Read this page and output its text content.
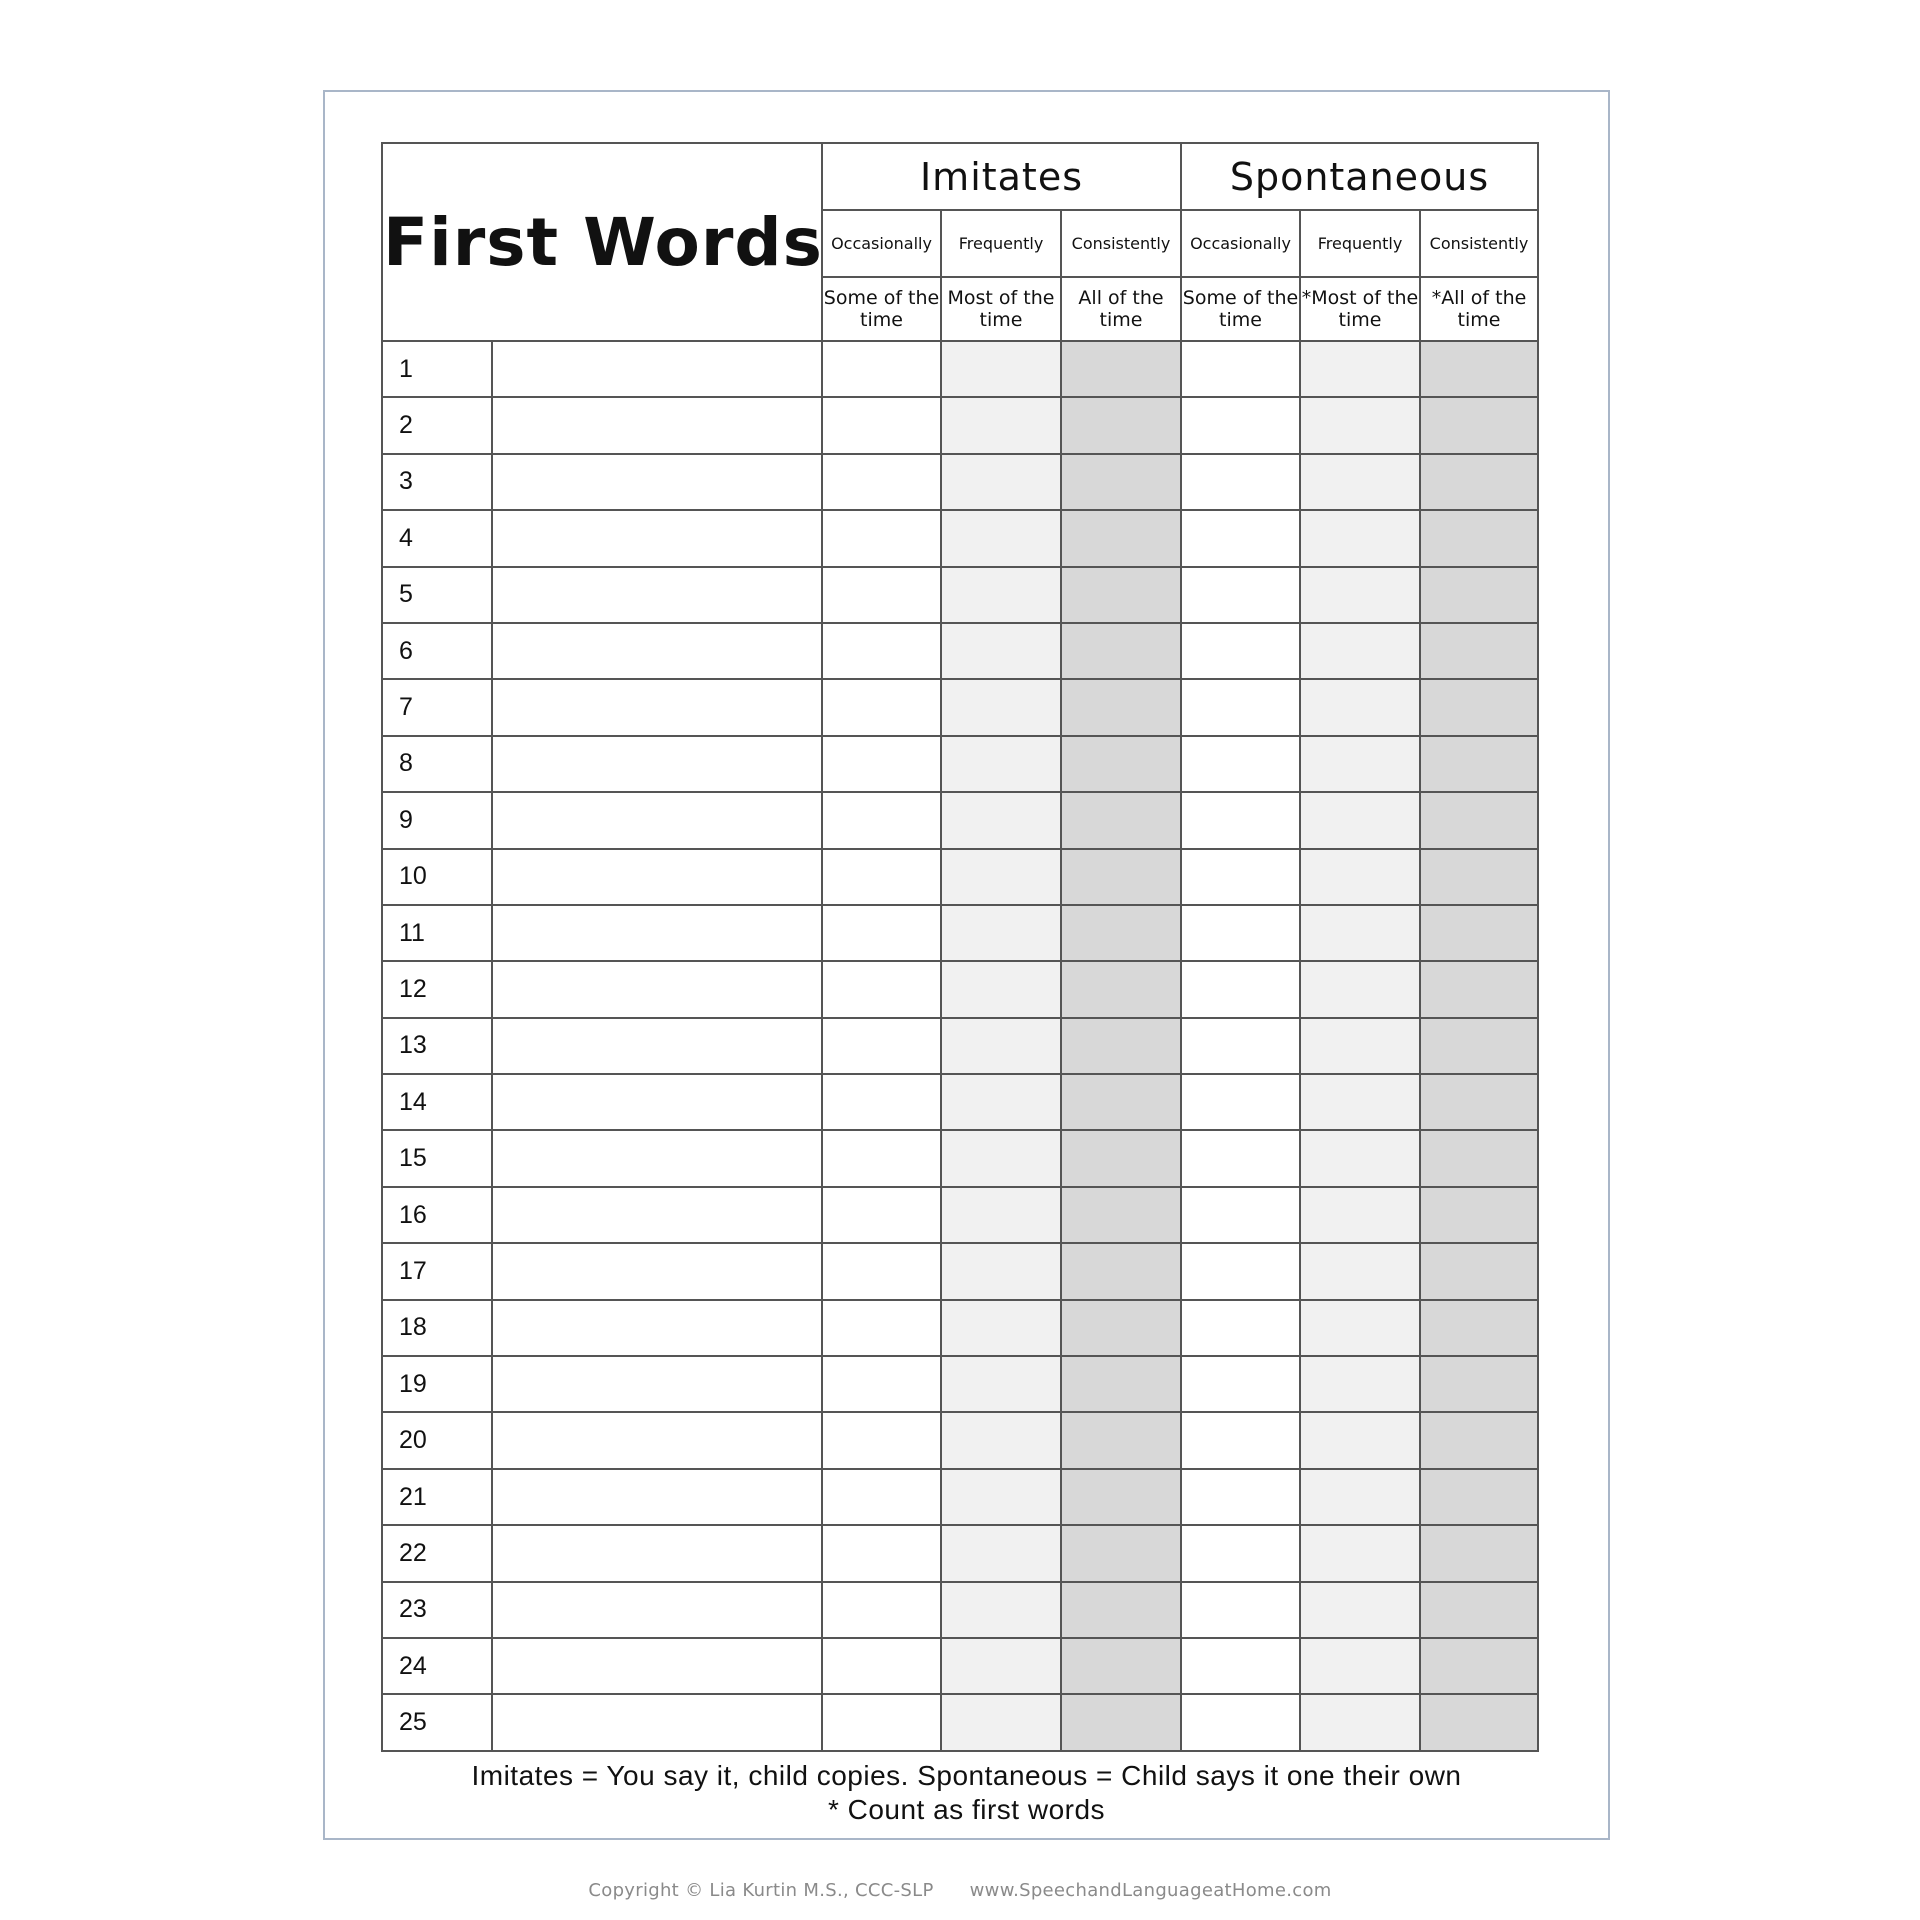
First Words		Imitates			Spontaneous		
		Occasionally	Frequently	Consistently	Occasionally	Frequently	Consistently
		Some of the time	Most of the time	All of the time	Some of the time	*Most of the time	*All of the time
1							
2							
3							
4							
5							
6							
7							
8							
9							
10							
11							
12							
13							
14							
15							
16							
17							
18							
19							
20							
21							
22							
23							
24							
25							
Imitates = You say it, child copies. Spontaneous = Child says it one their own
* Count as first words
Copyright © Lia Kurtin M.S., CCC-SLP www.SpeechandLanguageatHome.com
